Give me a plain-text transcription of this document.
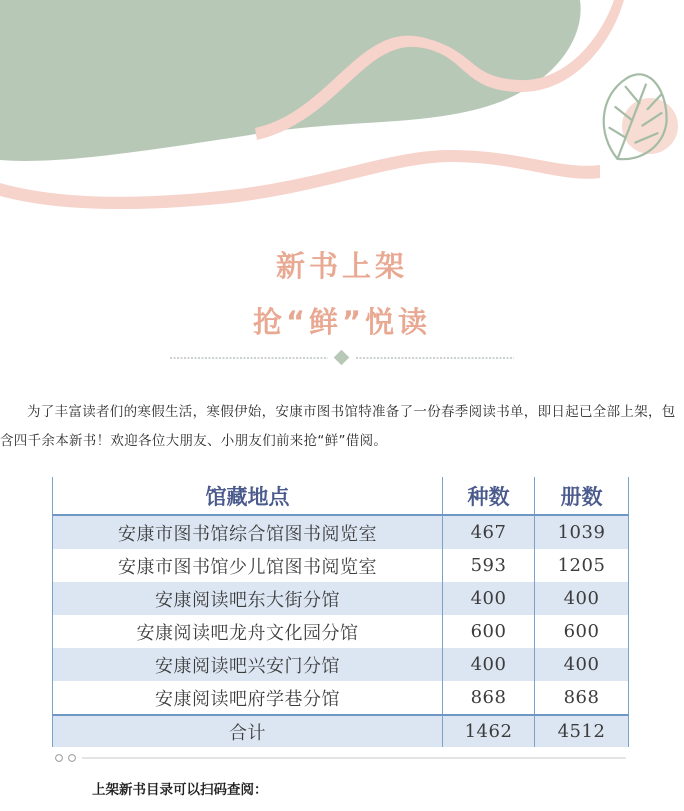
新书上架
抢“鲜”悦读

为了丰富读者们的寒假生活，寒假伊始，安康市图书馆特准备了一份春季阅读书单，即日起已全部上架，包含四千余本新书！欢迎各位大朋友、小朋友们前来抢“鲜”借阅。

馆藏地点	种数	册数
安康市图书馆综合馆图书阅览室	467	1039
安康市图书馆少儿馆图书阅览室	593	1205
安康阅读吧东大街分馆	400	400
安康阅读吧龙舟文化园分馆	600	600
安康阅读吧兴安门分馆	400	400
安康阅读吧府学巷分馆	868	868
合计	1462	4512
上架新书目录可以扫码查阅：
